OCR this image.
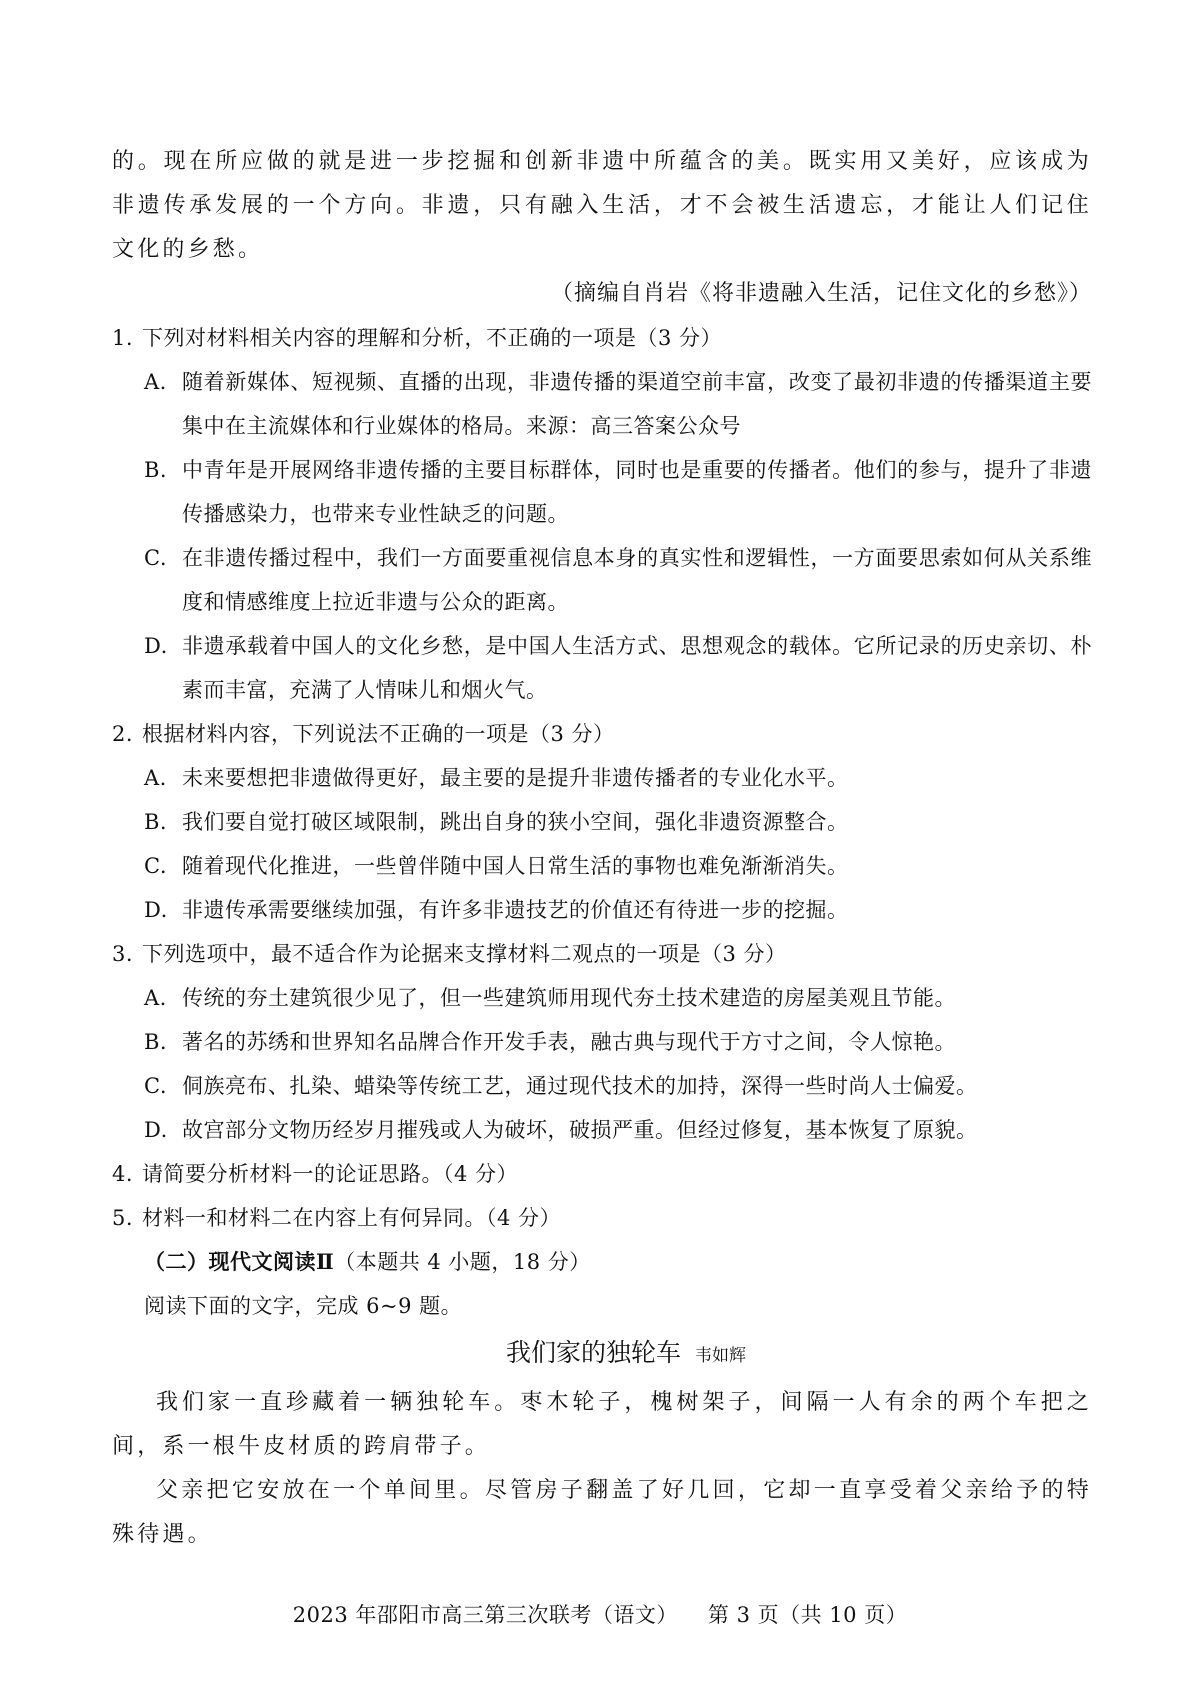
的。现在所应做的就是进一步挖掘和创新非遗中所蕴含的美。既实用又美好，应该成为非遗传承发展的一个方向。非遗，只有融入生活，才不会被生活遗忘，才能让人们记住文化的乡愁。

（摘编自肖岩《将非遗融入生活，记住文化的乡愁》）

1. 下列对材料相关内容的理解和分析，不正确的一项是（3 分）

A. 随着新媒体、短视频、直播的出现，非遗传播的渠道空前丰富，改变了最初非遗的传播渠道主要集中在主流媒体和行业媒体的格局。来源：高三答案公众号

B. 中青年是开展网络非遗传播的主要目标群体，同时也是重要的传播者。他们的参与，提升了非遗传播感染力，也带来专业性缺乏的问题。

C. 在非遗传播过程中，我们一方面要重视信息本身的真实性和逻辑性，一方面要思索如何从关系维度和情感维度上拉近非遗与公众的距离。

D. 非遗承载着中国人的文化乡愁，是中国人生活方式、思想观念的载体。它所记录的历史亲切、朴素而丰富，充满了人情味儿和烟火气。

2. 根据材料内容，下列说法不正确的一项是（3 分）

A. 未来要想把非遗做得更好，最主要的是提升非遗传播者的专业化水平。

B. 我们要自觉打破区域限制，跳出自身的狭小空间，强化非遗资源整合。

C. 随着现代化推进，一些曾伴随中国人日常生活的事物也难免渐渐消失。

D. 非遗传承需要继续加强，有许多非遗技艺的价值还有待进一步的挖掘。

3. 下列选项中，最不适合作为论据来支撑材料二观点的一项是（3 分）

A. 传统的夯土建筑很少见了，但一些建筑师用现代夯土技术建造的房屋美观且节能。

B. 著名的苏绣和世界知名品牌合作开发手表，融古典与现代于方寸之间，令人惊艳。

C. 侗族亮布、扎染、蜡染等传统工艺，通过现代技术的加持，深得一些时尚人士偏爱。

D. 故宫部分文物历经岁月摧残或人为破坏，破损严重。但经过修复，基本恢复了原貌。

4. 请简要分析材料一的论证思路。（4 分）

5. 材料一和材料二在内容上有何异同。（4 分）

（二）现代文阅读Ⅱ（本题共 4 小题，18 分）

阅读下面的文字，完成 6~9 题。

我们家的独轮车 韦如辉

我们家一直珍藏着一辆独轮车。枣木轮子，槐树架子，间隔一人有余的两个车把之间，系一根牛皮材质的跨肩带子。

父亲把它安放在一个单间里。尽管房子翻盖了好几回，它却一直享受着父亲给予的特殊待遇。

2023 年邵阳市高三第三次联考（语文） 第 3 页（共 10 页）
